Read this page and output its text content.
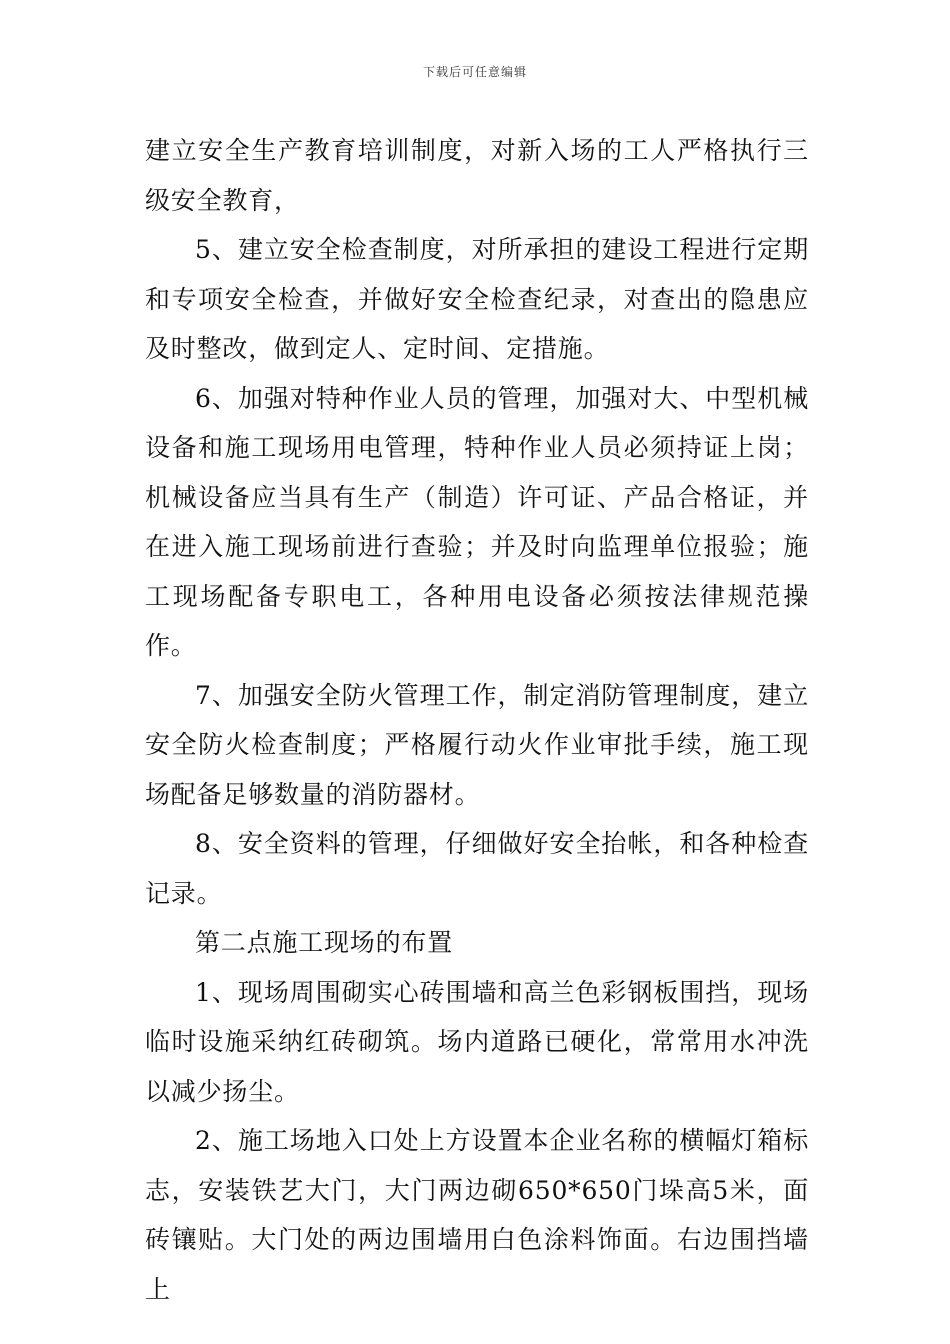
下载后可任意编辑

建立安全生产教育培训制度，对新入场的工人严格执行三级安全教育，

5、建立安全检查制度，对所承担的建设工程进行定期和专项安全检查，并做好安全检查纪录，对查出的隐患应及时整改，做到定人、定时间、定措施。

6、加强对特种作业人员的管理，加强对大、中型机械设备和施工现场用电管理，特种作业人员必须持证上岗；机械设备应当具有生产（制造）许可证、产品合格证，并在进入施工现场前进行查验；并及时向监理单位报验；施工现场配备专职电工，各种用电设备必须按法律规范操作。

7、加强安全防火管理工作，制定消防管理制度，建立安全防火检查制度；严格履行动火作业审批手续，施工现场配备足够数量的消防器材。

8、安全资料的管理，仔细做好安全抬帐，和各种检查记录。

第二点施工现场的布置

1、现场周围砌实心砖围墙和高兰色彩钢板围挡，现场临时设施采纳红砖砌筑。场内道路已硬化，常常用水冲洗以减少扬尘。

2、施工场地入口处上方设置本企业名称的横幅灯箱标志，安装铁艺大门，大门两边砌650*650门垛高5米，面砖镶贴。大门处的两边围墙用白色涂料饰面。右边围挡墙上
